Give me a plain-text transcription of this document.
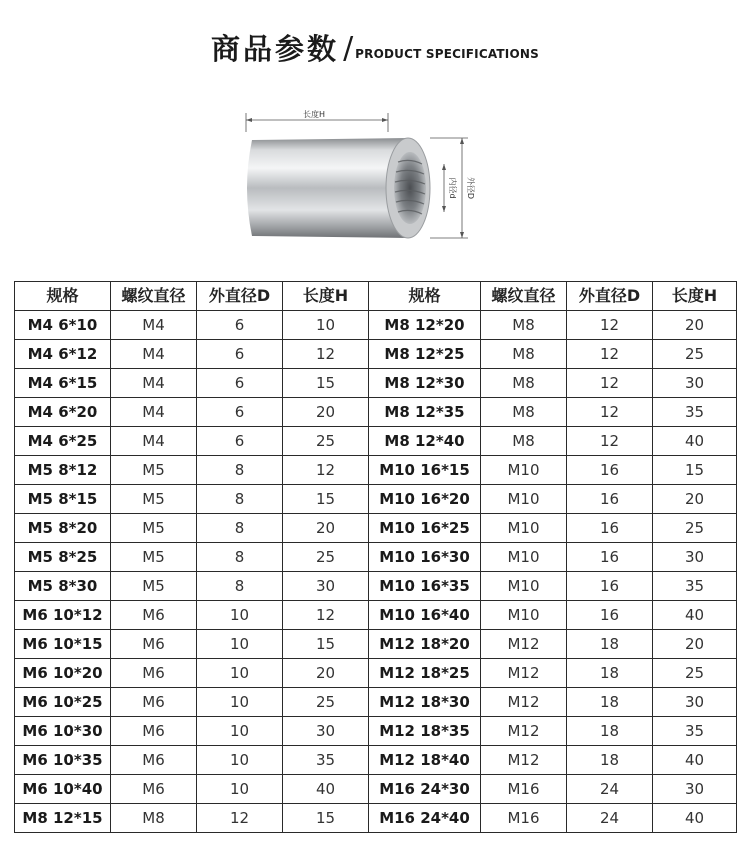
商品参数 / PRODUCT SPECIFICATIONS
长度H
内径d 外径D
规格	螺纹直径	外直径D	长度H	规格	螺纹直径	外直径D	长度H
M4 6*10	M4	6	10	M8 12*20	M8	12	20
M4 6*12	M4	6	12	M8 12*25	M8	12	25
M4 6*15	M4	6	15	M8 12*30	M8	12	30
M4 6*20	M4	6	20	M8 12*35	M8	12	35
M4 6*25	M4	6	25	M8 12*40	M8	12	40
M5 8*12	M5	8	12	M10 16*15	M10	16	15
M5 8*15	M5	8	15	M10 16*20	M10	16	20
M5 8*20	M5	8	20	M10 16*25	M10	16	25
M5 8*25	M5	8	25	M10 16*30	M10	16	30
M5 8*30	M5	8	30	M10 16*35	M10	16	35
M6 10*12	M6	10	12	M10 16*40	M10	16	40
M6 10*15	M6	10	15	M12 18*20	M12	18	20
M6 10*20	M6	10	20	M12 18*25	M12	18	25
M6 10*25	M6	10	25	M12 18*30	M12	18	30
M6 10*30	M6	10	30	M12 18*35	M12	18	35
M6 10*35	M6	10	35	M12 18*40	M12	18	40
M6 10*40	M6	10	40	M16 24*30	M16	24	30
M8 12*15	M8	12	15	M16 24*40	M16	24	40
